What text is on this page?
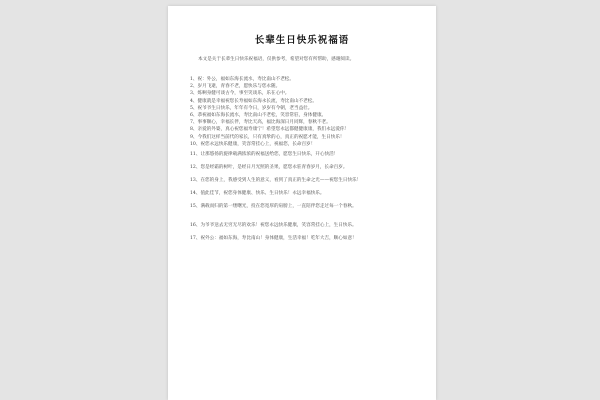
长辈生日快乐祝福语

本文是关于长辈生日快乐祝福语，仅供参考，希望对您有所帮助，感谢阅读。

1、祝：外公，福如东海长流水，寿比南山不老松。
2、岁月飞逝，青春不老，愿快乐与您永随。
3、炼啊身健可谈古今，事至笑谈乐，乐在心中。
4、健康就是幸福祝您长寿福如东海永长流，寿比南山不老松。
5、祝爷爷生日快乐，年年有今日，岁岁有今朝，老当益壮。
6、恭祝福如东海长流水，寿比南山不老松，笑容常驻，身体健康。
7、事事顺心，幸福长伴，寿比天高，福比海深日月同辉，春秋不老。
8、亲爱的外婆，真心祝您福寿康宁！希望您永远都健健康康，我们永远爱你！
9、今我们这样当前代的家长，只有真挚的心，真正的祝愿才能，生日快乐！
10、祝您永远快乐健康，笑容常挂心上，祝福您，长命百岁！
11、让那悠扬的旋律载满浓浓的祝福送给您，愿您生日快乐，开心快活！
12、您是经霜的树叶，是经日月光照的圣果，愿您永驻青春岁月，长命百岁。
13、在您的身上，我感受到人生的意义，看到了真正的生命之光——祝您生日快乐！
14、值此佳节，祝您身体健康、快乐、生日快乐！永远幸福快乐。
15、满载而归的第一缕曙光，投在您宽厚的肩膀上，一直陪伴您走过每一个春秋。
16、为爷爷送去无穷无尽的欢乐！祝您永远快乐健康，笑容常挂心上，生日快乐。
17、祝外公：福如东海，寿比南山！身体健康，生活幸福！吃年大吉，顺心如意！
